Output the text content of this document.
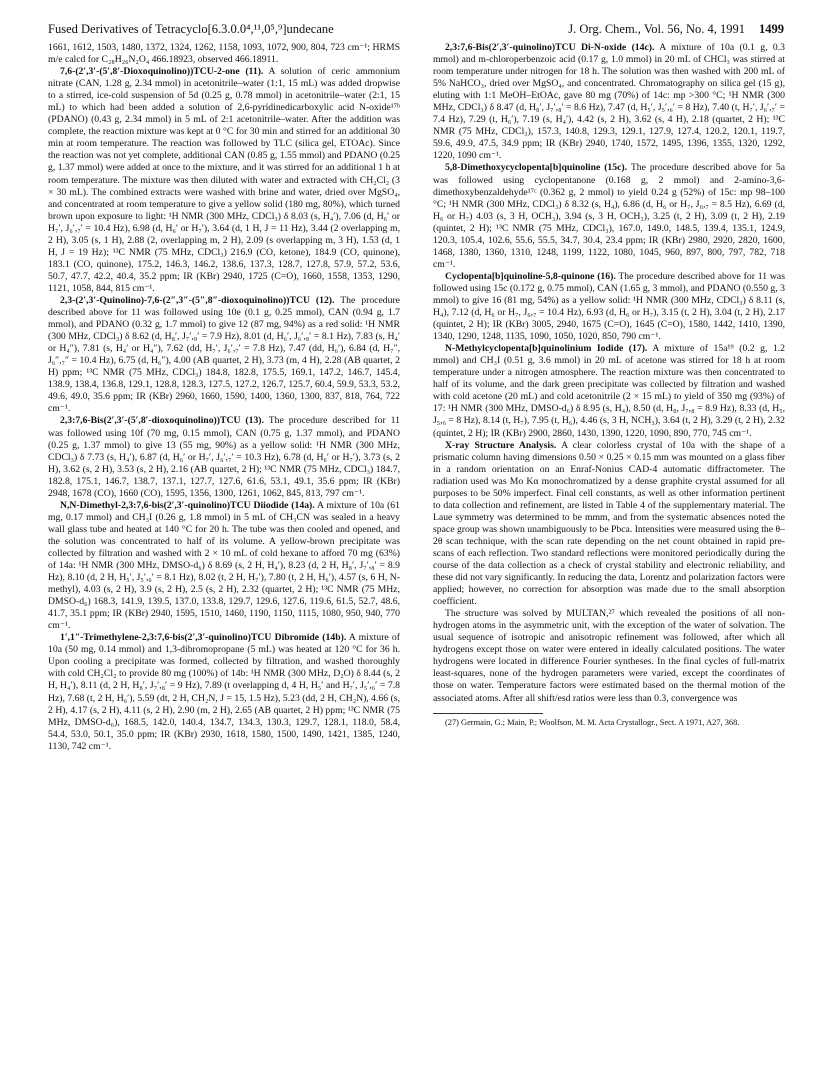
Fused Derivatives of Tetracyclo[6.3.0.0⁴,¹¹,0⁵,⁹]undecane	J. Org. Chem., Vol. 56, No. 4, 1991 1499

1661, 1612, 1503, 1480, 1372, 1324, 1262, 1158, 1093, 1072, 900, 804, 723 cm⁻¹; HRMS m/e calcd for C₂₈H₂₆N₂O₄ 466.18923, observed 466.18911.

7,6-(2′,3′-(5′,8′-Dioxoquinolino))TCU-2-one (11). A solution of ceric ammonium nitrate (CAN, 1.28 g, 2.34 mmol) in acetonitrile–water (1:1, 15 mL) was added dropwise to a stirred, ice-cold suspension of 5d (0.25 g, 0.78 mmol) in acetonitrile–water (2:1, 15 mL) to which had been added a solution of 2,6-pyridinedicarboxylic acid N-oxide¹⁷ᵇ (PDANO) (0.43 g, 2.34 mmol) in 5 mL of 2:1 acetonitrile–water. After the addition was complete, the reaction mixture was kept at 0 °C for 30 min and stirred for an additional 30 min at room temperature. The reaction was followed by TLC (silica gel, ETOAc). Since the reaction was not yet complete, additional CAN (0.85 g, 1.55 mmol) and PDANO (0.25 g, 1.37 mmol) were added at once to the mixture, and it was stirred for an additional 1 h at room temperature. The mixture was then diluted with water and extracted with CH₂Cl₂ (3 × 30 mL). The combined extracts were washed with brine and water, dried over MgSO₄, and concentrated at room temperature to give a yellow solid (180 mg, 80%), which turned brown upon exposure to light: ¹H NMR (300 MHz, CDCl₃) δ 8.03 (s, H₄′), 7.06 (d, H₆′ or H₇′, J₆′,₇′ = 10.4 Hz), 6.98 (d, H₆′ or H₇′), 3.64 (d, 1 H, J = 11 Hz), 3.44 (2 overlapping m, 2 H), 3.05 (s, 1 H), 2.88 (2, overlapping m, 2 H), 2.09 (s overlapping m, 3 H), 1.53 (d, 1 H, J = 19 Hz); ¹³C NMR (75 MHz, CDCl₃) 216.9 (CO, ketone), 184.9 (CO, quinone), 183.1 (CO, quinone), 175.2, 146.3, 146.2, 138.6, 137.3, 128.7, 127.8, 57.9, 57.2, 53.6, 50.7, 47.7, 42.2, 40.4, 35.2 ppm; IR (KBr) 2940, 1725 (C=O), 1660, 1558, 1353, 1290, 1121, 1058, 844, 815 cm⁻¹.

2,3-(2′,3′-Quinolino)-7,6-(2″,3″-(5″,8″-dioxoquinolino))TCU (12). The procedure described above for 11 was followed using 10e (0.1 g, 0.25 mmol), CAN (0.94 g, 1.7 mmol), and PDANO (0.32 g, 1.7 mmol) to give 12 (87 mg, 94%) as a red solid: ¹H NMR (300 MHz, CDCl₃) δ 8.62 (d, H₈′, J₇′,₈′ = 7.9 Hz), 8.01 (d, H₆′, J₆′,₈′ = 8.1 Hz), 7.83 (s, H₄′ or H₄″), 7.81 (s, H₄′ or H₄″), 7.62 (dd, H₇′, J₆′,₇′ = 7.8 Hz), 7.47 (dd, H₆′), 6.84 (d, H₇″, J₆″,₇″ = 10.4 Hz), 6.75 (d, H₆″), 4.00 (AB quartet, 2 H), 3.73 (m, 4 H), 2.28 (AB quartet, 2 H) ppm; ¹³C NMR (75 MHz, CDCl₃) 184.8, 182.8, 175.5, 169.1, 147.2, 146.7, 145.4, 138.9, 138.4, 136.8, 129.1, 128.8, 128.3, 127.5, 127.2, 126.7, 125.7, 60.4, 59.9, 53.3, 53.2, 49.6, 49.0, 35.6 ppm; IR (KBr) 2960, 1660, 1590, 1400, 1360, 1300, 837, 818, 764, 722 cm⁻¹.

2,3:7,6-Bis(2′,3′-(5′,8′-dioxoquinolino))TCU (13). The procedure described for 11 was followed using 10f (70 mg, 0.15 mmol), CAN (0.75 g, 1.37 mmol), and PDANO (0.25 g, 1.37 mmol) to give 13 (55 mg, 90%) as a yellow solid: ¹H NMR (300 MHz, CDCl₃) δ 7.73 (s, H₄′), 6.87 (d, H₆′ or H₇′, J₆′,₇′ = 10.3 Hz), 6.78 (d, H₆′ or H₇′), 3.73 (s, 2 H), 3.62 (s, 2 H), 3.53 (s, 2 H), 2.16 (AB quartet, 2 H); ¹³C NMR (75 MHz, CDCl₃) 184.7, 182.8, 175.1, 146.7, 138.7, 137.1, 127.7, 127.6, 61.6, 53.1, 49.1, 35.6 ppm; IR (KBr) 2948, 1678 (CO), 1660 (CO), 1595, 1356, 1300, 1261, 1062, 845, 813, 797 cm⁻¹.

N,N-Dimethyl-2,3:7,6-bis(2′,3′-quinolino)TCU Diiodide (14a). A mixture of 10a (61 mg, 0.17 mmol) and CH₃I (0.26 g, 1.8 mmol) in 5 mL of CH₃CN was sealed in a heavy wall glass tube and heated at 140 °C for 20 h. The tube was then cooled and opened, and the solution was concentrated to half of its volume. A yellow-brown precipitate was collected by filtration and washed with 2 × 10 mL of cold hexane to afford 70 mg (63%) of 14a: ¹H NMR (300 MHz, DMSO-d₆) δ 8.69 (s, 2 H, H₄′), 8.23 (d, 2 H, H₈′, J₇′,₈′ = 8.9 Hz), 8.10 (d, 2 H, H₅′, J₅′,₆′ = 8.1 Hz), 8.02 (t, 2 H, H₇′), 7.80 (t, 2 H, H₆′), 4.57 (s, 6 H, N-methyl), 4.03 (s, 2 H), 3.9 (s, 2 H), 2.5 (s, 2 H), 2.32 (quartet, 2 H); ¹³C NMR (75 MHz, DMSO-d₆) 168.3, 141.9, 139.5, 137.0, 133.8, 129.7, 129.6, 127.6, 119.6, 61.5, 52.7, 48.6, 41.7, 35.1 ppm; IR (KBr) 2940, 1595, 1510, 1460, 1190, 1150, 1115, 1080, 950, 940, 770 cm⁻¹.

1′,1″-Trimethylene-2,3:7,6-bis(2′,3′-quinolino)TCU Dibromide (14b). A mixture of 10a (50 mg, 0.14 mmol) and 1,3-dibromopropane (5 mL) was heated at 120 °C for 36 h. Upon cooling a precipitate was formed, collected by filtration, and washed thoroughly with cold CH₂Cl₂ to provide 80 mg (100%) of 14b: ¹H NMR (300 MHz, D₂O) δ 8.44 (s, 2 H, H₄′), 8.11 (d, 2 H, H₈′, J₇′,₈′ = 9 Hz), 7.89 (t overlapping d, 4 H, H₅′ and H₇′, J₅′,₆′ = 7.8 Hz), 7.68 (t, 2 H, H₆′), 5.59 (dt, 2 H, CH₂N, J = 15, 1.5 Hz), 5.23 (dd, 2 H, CH₂N), 4.66 (s, 2 H), 4.17 (s, 2 H), 4.11 (s, 2 H), 2.90 (m, 2 H), 2.65 (AB quartet, 2 H) ppm; ¹³C NMR (75 MHz, DMSO-d₆), 168.5, 142.0, 140.4, 134.7, 134.3, 130.3, 129.7, 128.1, 118.0, 58.4, 54.4, 53.0, 50.1, 35.0 ppm; IR (KBr) 2930, 1618, 1580, 1500, 1490, 1421, 1385, 1240, 1130, 742 cm⁻¹.

2,3:7,6-Bis(2′,3′-quinolino)TCU Di-N-oxide (14c). A mixture of 10a (0.1 g, 0.3 mmol) and m-chloroperbenzoic acid (0.17 g, 1.0 mmol) in 20 mL of CHCl₃ was stirred at room temperature under nitrogen for 18 h. The solution was then washed with 200 mL of 5% NaHCO₃, dried over MgSO₄, and concentrated. Chromatography on silica gel (15 g), eluting with 1:1 MeOH–EtOAc, gave 80 mg (70%) of 14c: mp >300 °C; ¹H NMR (300 MHz, CDCl₃) δ 8.47 (d, H₈′, J₇′,₈′ = 8.6 Hz), 7.47 (d, H₅′, J₅′,₆′ = 8 Hz), 7.40 (t, H₇′, J₆′,₇′ = 7.4 Hz), 7.29 (t, H₆′), 7.19 (s, H₄′), 4.42 (s, 2 H), 3.62 (s, 4 H), 2.18 (quartet, 2 H); ¹³C NMR (75 MHz, CDCl₃), 157.3, 140.8, 129.3, 129.1, 127.9, 127.4, 120.2, 120.1, 119.7, 59.6, 49.9, 47.5, 34.9 ppm; IR (KBr) 2940, 1740, 1572, 1495, 1396, 1355, 1320, 1292, 1220, 1090 cm⁻¹.

5,8-Dimethoxycyclopenta[b]quinoline (15c). The procedure described above for 5a was followed using cyclopentanone (0.168 g, 2 mmol) and 2-amino-3,6-dimethoxybenzaldehyde¹⁷ᶜ (0.362 g, 2 mmol) to yield 0.24 g (52%) of 15c: mp 98–100 °C; ¹H NMR (300 MHz, CDCl₃) δ 8.32 (s, H₄), 6.86 (d, H₆ or H₇, J₆,₇ = 8.5 Hz), 6.69 (d, H₆ or H₇) 4.03 (s, 3 H, OCH₃), 3.94 (s, 3 H, OCH₃), 3.25 (t, 2 H), 3.09 (t, 2 H), 2.19 (quintet, 2 H); ¹³C NMR (75 MHz, CDCl₃), 167.0, 149.0, 148.5, 139.4, 135.1, 124.9, 120.3, 105.4, 102.6, 55.6, 55.5, 34.7, 30.4, 23.4 ppm; IR (KBr) 2980, 2920, 2820, 1600, 1468, 1380, 1360, 1310, 1248, 1199, 1122, 1080, 1045, 960, 897, 800, 797, 782, 718 cm⁻¹.

Cyclopenta[b]quinoline-5,8-quinone (16). The procedure described above for 11 was followed using 15c (0.172 g, 0.75 mmol), CAN (1.65 g, 3 mmol), and PDANO (0.550 g, 3 mmol) to give 16 (81 mg, 54%) as a yellow solid: ¹H NMR (300 MHz, CDCl₃) δ 8.11 (s, H₄), 7.12 (d, H₆ or H₇, J₆,₇ = 10.4 Hz), 6.93 (d, H₆ or H₇), 3.15 (t, 2 H), 3.04 (t, 2 H), 2.17 (quintet, 2 H); IR (KBr) 3005, 2940, 1675 (C=O), 1645 (C=O), 1580, 1442, 1410, 1390, 1340, 1290, 1248, 1135, 1090, 1050, 1020, 850, 790 cm⁻¹.

N-Methylcyclopenta[b]quinolinium Iodide (17). A mixture of 15a¹⁹ (0.2 g, 1.2 mmol) and CH₃I (0.51 g, 3.6 mmol) in 20 mL of acetone was stirred for 18 h at room temperature under a nitrogen atmosphere. The reaction mixture was then concentrated to half of its volume, and the dark green precipitate was collected by filtration and washed with cold acetone (20 mL) and cold acetonitrile (2 × 15 mL) to yield of 350 mg (93%) of 17: ¹H NMR (300 MHz, DMSO-d₆) δ 8.95 (s, H₄), 8.50 (d, H₈, J₇,₈ = 8.9 Hz), 8.33 (d, H₅, J₅,₆ = 8 Hz), 8.14 (t, H₇), 7.95 (t, H₆), 4.46 (s, 3 H, NCH₃), 3.64 (t, 2 H), 3.29 (t, 2 H), 2.32 (quintet, 2 H); IR (KBr) 2900, 2860, 1430, 1390, 1220, 1090, 890, 770, 745 cm⁻¹.

X-ray Structure Analysis. A clear colorless crystal of 10a with the shape of a prismatic column having dimensions 0.50 × 0.25 × 0.15 mm was mounted on a glass fiber in a random orientation on an Enraf-Nonius CAD-4 automatic diffractometer. The radiation used was Mo Kα monochromatized by a dense graphite crystal assumed for all purposes to be 50% imperfect. Final cell constants, as well as other information pertinent to data collection and refinement, are listed in Table 4 of the supplementary material. The Laue symmetry was determined to be mmm, and from the systematic absences noted the space group was shown unambiguously to be Pbca. Intensities were measured using the θ–2θ scan technique, with the scan rate depending on the net count obtained in rapid pre-scans of each reflection. Two standard reflections were monitored periodically during the course of the data collection as a check of crystal stability and electronic reliability, and these did not vary significantly. In reducing the data, Lorentz and polarization factors were applied; however, no correction for absorption was made due to the small absorption coefficient.

The structure was solved by MULTAN,²⁷ which revealed the positions of all non-hydrogen atoms in the asymmetric unit, with the exception of the water of solvation. The usual sequence of isotropic and anisotropic refinement was followed, after which all hydrogens except those on water were entered in ideally calculated positions. The water hydrogens were located in difference Fourier syntheses. In the final cycles of full-matrix least-squares, none of the hydrogen parameters were varied, except the coordinates of those on water. Temperature factors were estimated based on the thermal motion of the associated atoms. After all shift/esd ratios were less than 0.3, convergence was

(27) Germain, G.; Main, P.; Woolfson, M. M. Acta Crystallogr., Sect. A 1971, A27, 368.
